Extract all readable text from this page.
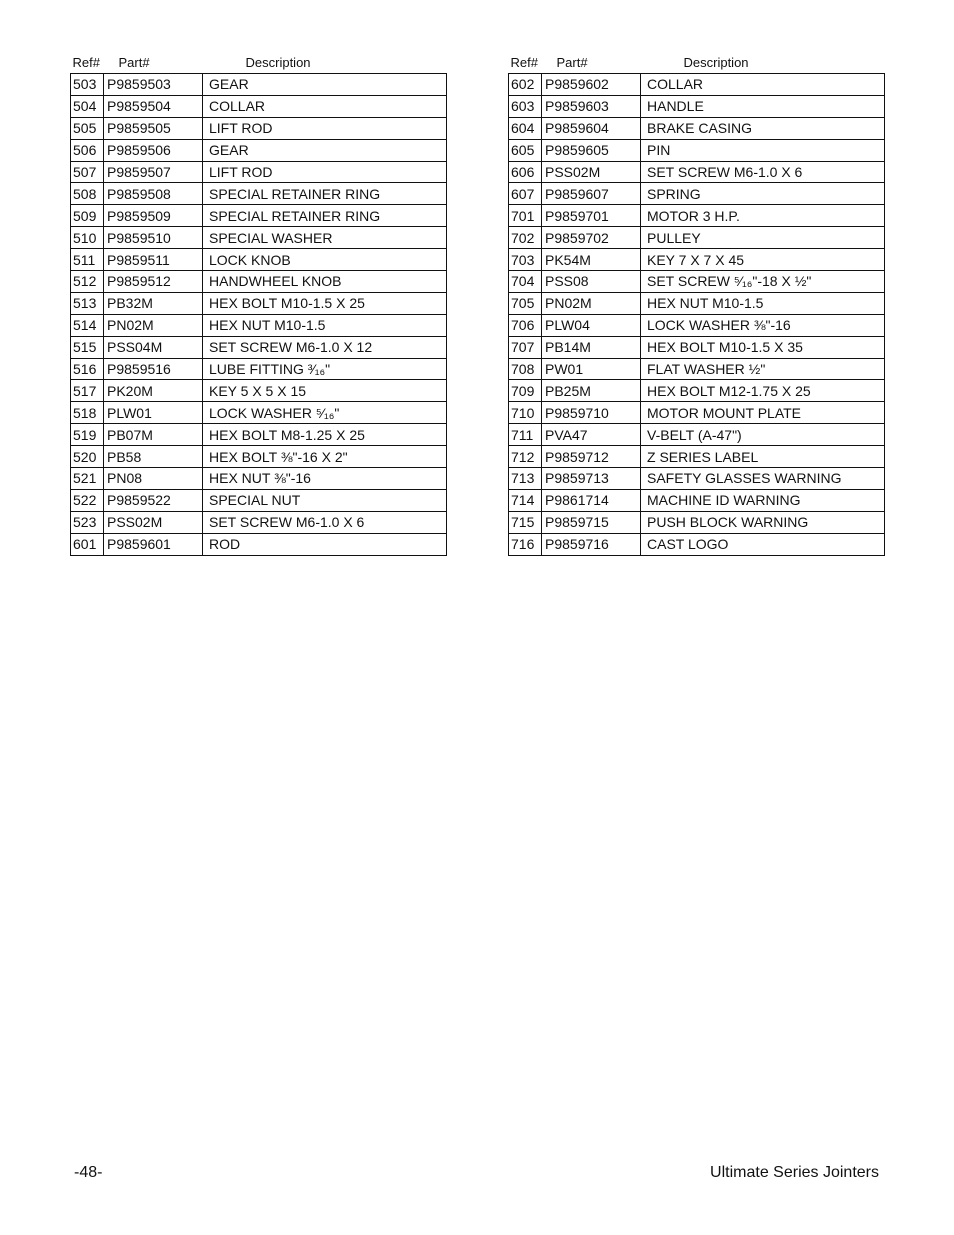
Ref#	Part#	Description
503	P9859503	GEAR
504	P9859504	COLLAR
505	P9859505	LIFT ROD
506	P9859506	GEAR
507	P9859507	LIFT ROD
508	P9859508	SPECIAL RETAINER RING
509	P9859509	SPECIAL RETAINER RING
510	P9859510	SPECIAL WASHER
511	P9859511	LOCK KNOB
512	P9859512	HANDWHEEL KNOB
513	PB32M	HEX BOLT M10-1.5 X 25
514	PN02M	HEX NUT M10-1.5
515	PSS04M	SET SCREW M6-1.0 X 12
516	P9859516	LUBE FITTING ³⁄₁₆"
517	PK20M	KEY 5 X 5 X 15
518	PLW01	LOCK WASHER ⁵⁄₁₆"
519	PB07M	HEX BOLT M8-1.25 X 25
520	PB58	HEX BOLT ⅜"-16 X 2"
521	PN08	HEX NUT ⅜"-16
522	P9859522	SPECIAL NUT
523	PSS02M	SET SCREW M6-1.0 X 6
601	P9859601	ROD
Ref#	Part#	Description
602	P9859602	COLLAR
603	P9859603	HANDLE
604	P9859604	BRAKE CASING
605	P9859605	PIN
606	PSS02M	SET SCREW M6-1.0 X 6
607	P9859607	SPRING
701	P9859701	MOTOR 3 H.P.
702	P9859702	PULLEY
703	PK54M	KEY 7 X 7 X 45
704	PSS08	SET SCREW ⁵⁄₁₆"-18 X ½"
705	PN02M	HEX NUT M10-1.5
706	PLW04	LOCK WASHER ⅜"-16
707	PB14M	HEX BOLT M10-1.5 X 35
708	PW01	FLAT WASHER ½"
709	PB25M	HEX BOLT M12-1.75 X 25
710	P9859710	MOTOR MOUNT PLATE
711	PVA47	V-BELT (A-47")
712	P9859712	Z SERIES LABEL
713	P9859713	SAFETY GLASSES WARNING
714	P9861714	MACHINE ID WARNING
715	P9859715	PUSH BLOCK WARNING
716	P9859716	CAST LOGO
-48-	Ultimate Series Jointers
